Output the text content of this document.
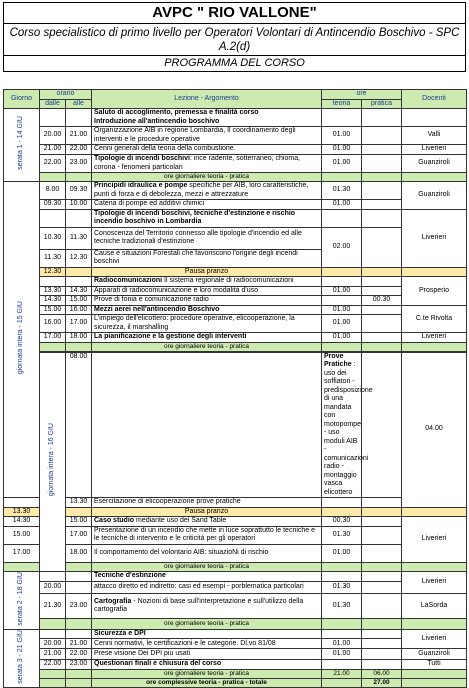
AVPC " RIO VALLONE"
Corso specialistico di primo livello per Operatori Volontari di Antincendio Boschivo - SPC A.2(d)
PROGRAMMA DEL CORSO
Giorno	orario		Lezione - Argomento	ore		Docenti	
	dalle	alle		teoria	pratica		
serata 1 - 14 GIU			Saluto di accoglimento, premessa e finalità corso
Introduzione all'antincendio boschivo				

	20.00	21.00	Organizzazione AIB in regione Lombardia, Il coordinamento degli interventi e le procedure operative	01.00		Valli	
	21.00	22.00	Cenni generali della teoria della combustione.	01.00		Liverieri	
	22.00	23.00	Tipologie di incendi boschivi: ince radente, sotterraneo, chioma, corona - fenomeni particolari	01.00		Guanziroli	
			ore giornaliere teoria - pratica				
giornata intera - 15 GIU	8.00	09.30	Principidi idraulica e pompe specifiche per AIB, loro caratteristiche, punti di forza e di debolezza, mezzi e attrezzature	01.30		Guanziroli	
	09.30	10.00	Catena di pompe ed additivi chimici	01.00			
			Tipologie di incendi boschivi, tecniche d'estinzione e rischio incendio boschivo in Lombardia			Liverieri	
	10.30	11.30	Conoscenza del Territorio connesso alle tipologie d'incendio ed alle tecniche tradizionali d'estinzione	02.00			
	11.30	12.30	Cause e situazioni Forestali che favoriscono l'origine degli incendi boschivi				
	12.30		Pausa pranzo				
			Radiocomunicazioni Il sistema regionale di radiocomunicazioni			Prosperio	
	13.30	14.30	Apparati di radiocomunicazione e loro modalità d'uso	01.00			
	14.30	15.00	Prove di fonia e comunicazione radio		00.30		
	15.00	16.00	Mezzi aerei nell'antincendio Boschivo	01.00		C.te Rivolta	
	16.00	17.00	L'impiego dell'elicottero: procedure operative, elicooperazione, la sicurezza, il marshalling	01.00			
	17.00	18.00	La pianificazione e la gestione degli interventi	01.00		Liverieri	
			ore giornaliere teoria - pratica				

	giornata intera - 16 GIU	08.00		Prove Pratiche : uso dei soffiatori - predisposizione di una mandata con motopompe - uso moduli AIB - comunicazioni radio - montaggio vasca elicottero		04.00	
		13.30	Esercitazione di elicooperazione prove pratiche				
13.30			Pausa pranzo				
14.30		15.00	Caso studio mediante uso del Sand Table	00.30		Liverieri	
15.00		17.00	Presentazione di un incendio che mette in luce soprattutto le tecniche e le tecniche di intervento e le criticità per gli operatori	01.30			
17.00		18.00	Il comportamento del volontario AIB: situazioNi di rischio	01.00			
			ore giornaliere teoria - pratica				
serata 2 - 18 GIU			Tecniche d'estinzione			Liverieri	
	20.00		attacco diretto ed indiretto: casi ed esempi - porblematica particolari	01.30			
	21.30	23.00	Cartografia - Nozioni di base sull'interpretazione e sull'utilizzo della cartografia	01.30		LaSorda	
			ore giornaliere teoria - pratica				
serata 3 - 21 GIU			Sicurezza e DPI			Liverieri	
	20.00	21.00	Cenni normativi, le certificazioni e le categorie. Dl.vo 81/08	01.00			
	21.00	22.00	Prese visione Dei DPI piu usati	01.00		Guanziroli	
	22.00	23.00	Questionari finali e chiusura del corso			Tutti	
			ore giornaliere teoria - pratica	21.00	06.00		
			ore complessive teoria - pratica - totale		27.00		
